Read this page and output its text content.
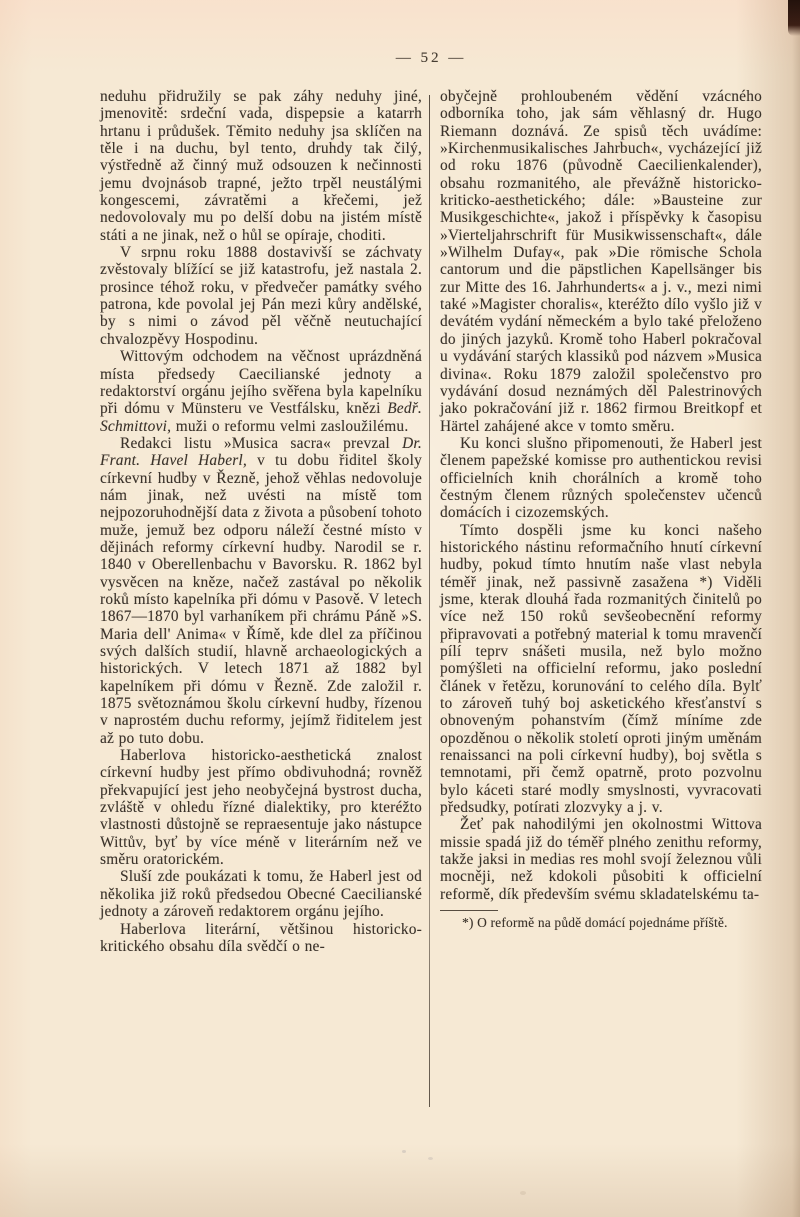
— 52 —

neduhu přidružily se pak záhy neduhy jiné, jmenovitě: srdeční vada, dispepsie a katarrh hrtanu i průdušek. Těmito neduhy jsa sklíčen na těle i na duchu, byl tento, druhdy tak čilý, výstředně až činný muž odsouzen k nečinnosti jemu dvojnásob trapné, ježto trpěl neustálými kongescemi, závratěmi a křečemi, jež nedovolovaly mu po delší dobu na jistém místě státi a ne jinak, než o hůl se opíraje, choditi.

V srpnu roku 1888 dostavivší se záchvaty zvěstovaly blížící se již katastrofu, jež nastala 2. prosince téhož roku, v předvečer památky svého patrona, kde povolal jej Pán mezi kůry andělské, by s nimi o závod pěl věčně neutuchající chvalozpěvy Hospodinu.

Wittovým odchodem na věčnost uprázdněná místa předsedy Caecilianské jednoty a redaktorství orgánu jejího svěřena byla kapelníku při dómu v Münsteru ve Vestfálsku, knězi Bedř. Schmittovi, muži o reformu velmi zasloužilému.

Redakci listu »Musica sacra« prevzal Dr. Frant. Havel Haberl, v tu dobu řiditel školy církevní hudby v Řezně, jehož věhlas nedovoluje nám jinak, než uvésti na místě tom nejpozoruhodnější data z života a působení tohoto muže, jemuž bez odporu náleží čestné místo v dějinách reformy církevní hudby. Narodil se r. 1840 v Oberellenbachu v Bavorsku. R. 1862 byl vysvěcen na kněze, načež zastával po několik roků místo kapelníka při dómu v Pasově. V letech 1867—1870 byl varhaníkem při chrámu Páně »S. Maria dell' Anima« v Římě, kde dlel za příčinou svých dalších studií, hlavně archaeologických a historických. V letech 1871 až 1882 byl kapelníkem při dómu v Řezně. Zde založil r. 1875 světoznámou školu církevní hudby, řízenou v naprostém duchu reformy, jejímž řiditelem jest až po tuto dobu.

Haberlova historicko-aesthetická znalost církevní hudby jest přímo obdivuhodná; rovněž překvapující jest jeho neobyčejná bystrost ducha, zvláště v ohledu řízné dialektiky, pro kteréžto vlastnosti důstojně se repraesentuje jako nástupce Wittův, byť by více méně v literárním než ve směru oratorickém.

Sluší zde poukázati k tomu, že Haberl jest od několika již roků předsedou Obecné Caecilianské jednoty a zároveň redaktorem orgánu jejího.

Haberlova literární, většinou historicko-kritického obsahu díla svědčí o ne-

obyčejně prohloubeném vědění vzácného odborníka toho, jak sám věhlasný dr. Hugo Riemann doznává. Ze spisů těch uvádíme: »Kirchenmusikalisches Jahrbuch«, vycházející již od roku 1876 (původně Caecilienkalender), obsahu rozmanitého, ale převážně historicko-kriticko-aesthetického; dále: »Bausteine zur Musikgeschichte«, jakož i příspěvky k časopisu »Vierteljahrschrift für Musikwissenschaft«, dále »Wilhelm Dufay«, pak »Die römische Schola cantorum und die päpstlichen Kapellsänger bis zur Mitte des 16. Jahrhunderts« a j. v., mezi nimi také »Magister choralis«, kteréžto dílo vyšlo již v devátém vydání německém a bylo také přeloženo do jiných jazyků. Kromě toho Haberl pokračoval u vydávání starých klassiků pod názvem »Musica divina«. Roku 1879 založil společenstvo pro vydávání dosud neznámých děl Palestrinových jako pokračování již r. 1862 firmou Breitkopf et Härtel zahájené akce v tomto směru.

Ku konci slušno připomenouti, že Haberl jest členem papežské komisse pro authentickou revisi officielních knih chorálních a kromě toho čestným členem různých společenstev učenců domácích i cizozemských.

Tímto dospěli jsme ku konci našeho historického nástinu reformačního hnutí církevní hudby, pokud tímto hnutím naše vlast nebyla téměř jinak, než passivně zasažena *) Viděli jsme, kterak dlouhá řada rozmanitých činitelů po více než 150 roků sevšeobecnění reformy připravovati a potřebný material k tomu mravenčí pílí teprv snášeti musila, než bylo možno pomýšleti na officielní reformu, jako poslední článek v řetězu, korunování to celého díla. Bylť to zároveň tuhý boj asketického křesťanství s obnoveným pohanstvím (čímž míníme zde opozděnou o několik století oproti jiným uměnám renaissanci na poli církevní hudby), boj světla s temnotami, při čemž opatrně, proto pozvolnu bylo káceti staré modly smyslnosti, vyvracovati předsudky, potírati zlozvyky a j. v.

Žeť pak nahodilými jen okolnostmi Wittova missie spadá již do téměř plného zenithu reformy, takže jaksi in medias res mohl svojí železnou vůli mocněji, než kdokoli působiti k officielní reformě, dík především svému skladatelskému ta-

*) O reformě na půdě domácí pojednáme příště.
